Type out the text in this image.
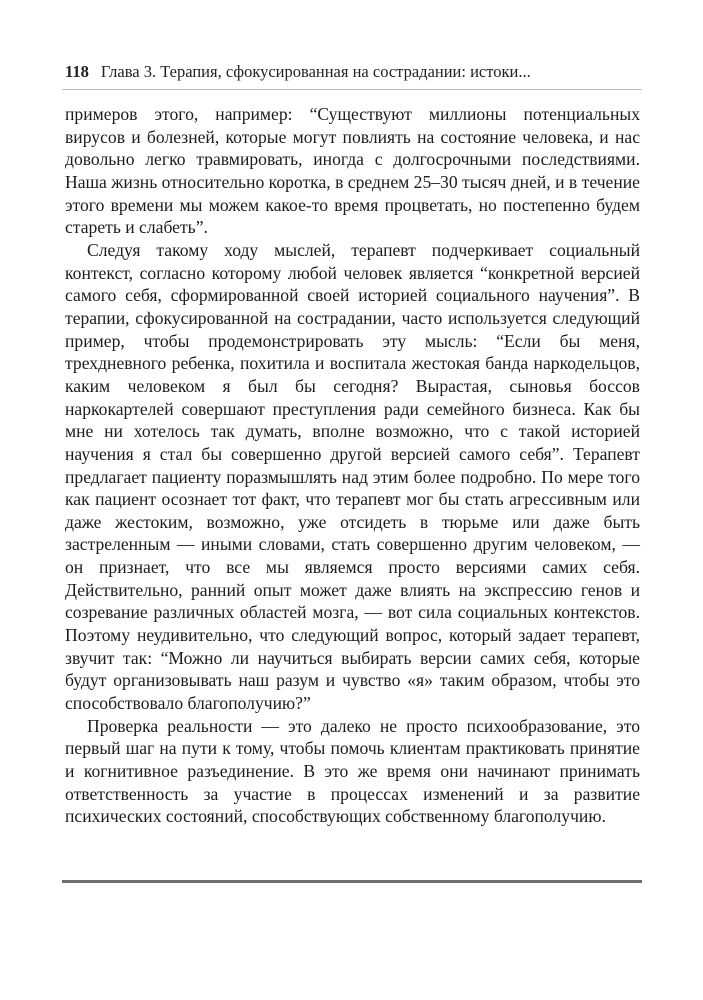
118 Глава 3. Терапия, сфокусированная на сострадании: истоки...

примеров этого, например: “Существуют миллионы потенциальных вирусов и болезней, которые могут повлиять на состояние человека, и нас довольно легко травмировать, иногда с долгосрочными последствиями. Наша жизнь относительно коротка, в среднем 25–30 тысяч дней, и в течение этого времени мы можем какое-то время процветать, но постепенно будем стареть и слабеть”.

Следуя такому ходу мыслей, терапевт подчеркивает социальный контекст, согласно которому любой человек является “конкретной версией самого себя, сформированной своей историей социального научения”. В терапии, сфокусированной на сострадании, часто используется следующий пример, чтобы продемонстрировать эту мысль: “Если бы меня, трехдневного ребенка, похитила и воспитала жестокая банда наркодельцов, каким человеком я был бы сегодня? Вырастая, сыновья боссов наркокартелей совершают преступления ради семейного бизнеса. Как бы мне ни хотелось так думать, вполне возможно, что с такой историей научения я стал бы совершенно другой версией самого себя”. Терапевт предлагает пациенту поразмышлять над этим более подробно. По мере того как пациент осознает тот факт, что терапевт мог бы стать агрессивным или даже жестоким, возможно, уже отсидеть в тюрьме или даже быть застреленным — иными словами, стать совершенно другим человеком, — он признает, что все мы являемся просто версиями самих себя. Действительно, ранний опыт может даже влиять на экспрессию генов и созревание различных областей мозга, — вот сила социальных контекстов. Поэтому неудивительно, что следующий вопрос, который задает терапевт, звучит так: “Можно ли научиться выбирать версии самих себя, которые будут организовывать наш разум и чувство «я» таким образом, чтобы это способствовало благополучию?”

Проверка реальности — это далеко не просто психообразование, это первый шаг на пути к тому, чтобы помочь клиентам практиковать принятие и когнитивное разъединение. В это же время они начинают принимать ответственность за участие в процессах изменений и за развитие психических состояний, способствующих собственному благополучию.
